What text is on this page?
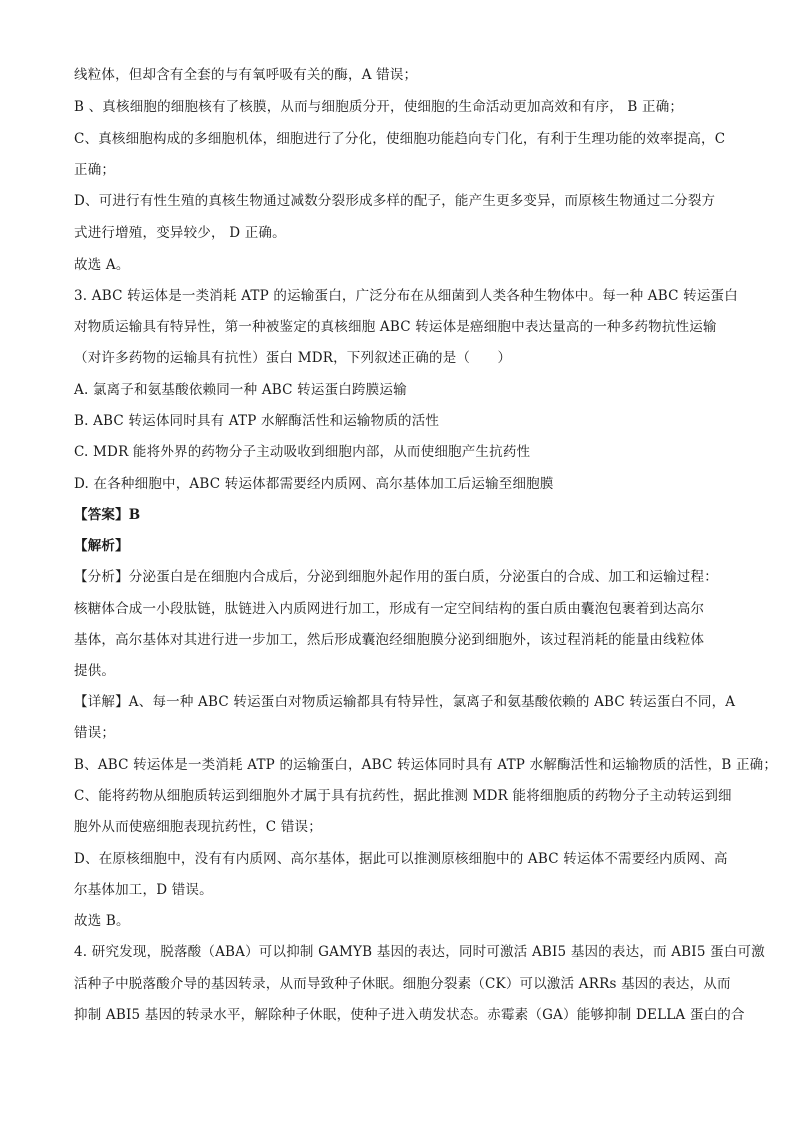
线粒体，但却含有全套的与有氧呼吸有关的酶，A 错误；
B 、真核细胞的细胞核有了核膜，从而与细胞质分开，使细胞的生命活动更加高效和有序， B 正确；
C、真核细胞构成的多细胞机体，细胞进行了分化，使细胞功能趋向专门化，有利于生理功能的效率提高，C
正确；
D、可进行有性生殖的真核生物通过减数分裂形成多样的配子，能产生更多变异，而原核生物通过二分裂方
式进行增殖，变异较少， D 正确。
故选 A。
3. ABC 转运体是一类消耗 ATP 的运输蛋白，广泛分布在从细菌到人类各种生物体中。每一种 ABC 转运蛋白
对物质运输具有特异性，第一种被鉴定的真核细胞 ABC 转运体是癌细胞中表达量高的一种多药物抗性运输
（对许多药物的运输具有抗性）蛋白 MDR，下列叙述正确的是（　　）
A. 氯离子和氨基酸依赖同一种 ABC 转运蛋白跨膜运输
B. ABC 转运体同时具有 ATP 水解酶活性和运输物质的活性
C. MDR 能将外界的药物分子主动吸收到细胞内部，从而使细胞产生抗药性
D. 在各种细胞中，ABC 转运体都需要经内质网、高尔基体加工后运输至细胞膜
【答案】B
【解析】
【分析】分泌蛋白是在细胞内合成后，分泌到细胞外起作用的蛋白质，分泌蛋白的合成、加工和运输过程：
核糖体合成一小段肽链，肽链进入内质网进行加工，形成有一定空间结构的蛋白质由囊泡包裹着到达高尔
基体，高尔基体对其进行进一步加工，然后形成囊泡经细胞膜分泌到细胞外，该过程消耗的能量由线粒体
提供。
【详解】A、每一种 ABC 转运蛋白对物质运输都具有特异性，氯离子和氨基酸依赖的 ABC 转运蛋白不同，A
错误；
B、ABC 转运体是一类消耗 ATP 的运输蛋白，ABC 转运体同时具有 ATP 水解酶活性和运输物质的活性，B 正确；
C、能将药物从细胞质转运到细胞外才属于具有抗药性，据此推测 MDR 能将细胞质的药物分子主动转运到细
胞外从而使癌细胞表现抗药性，C 错误；
D、在原核细胞中，没有有内质网、高尔基体，据此可以推测原核细胞中的 ABC 转运体不需要经内质网、高
尔基体加工，D 错误。
故选 B。
4. 研究发现，脱落酸（ABA）可以抑制 GAMYB 基因的表达，同时可激活 ABI5 基因的表达，而 ABI5 蛋白可激
活种子中脱落酸介导的基因转录，从而导致种子休眠。细胞分裂素（CK）可以激活 ARRs 基因的表达，从而
抑制 ABI5 基因的转录水平，解除种子休眠，使种子进入萌发状态。赤霉素（GA）能够抑制 DELLA 蛋白的合
